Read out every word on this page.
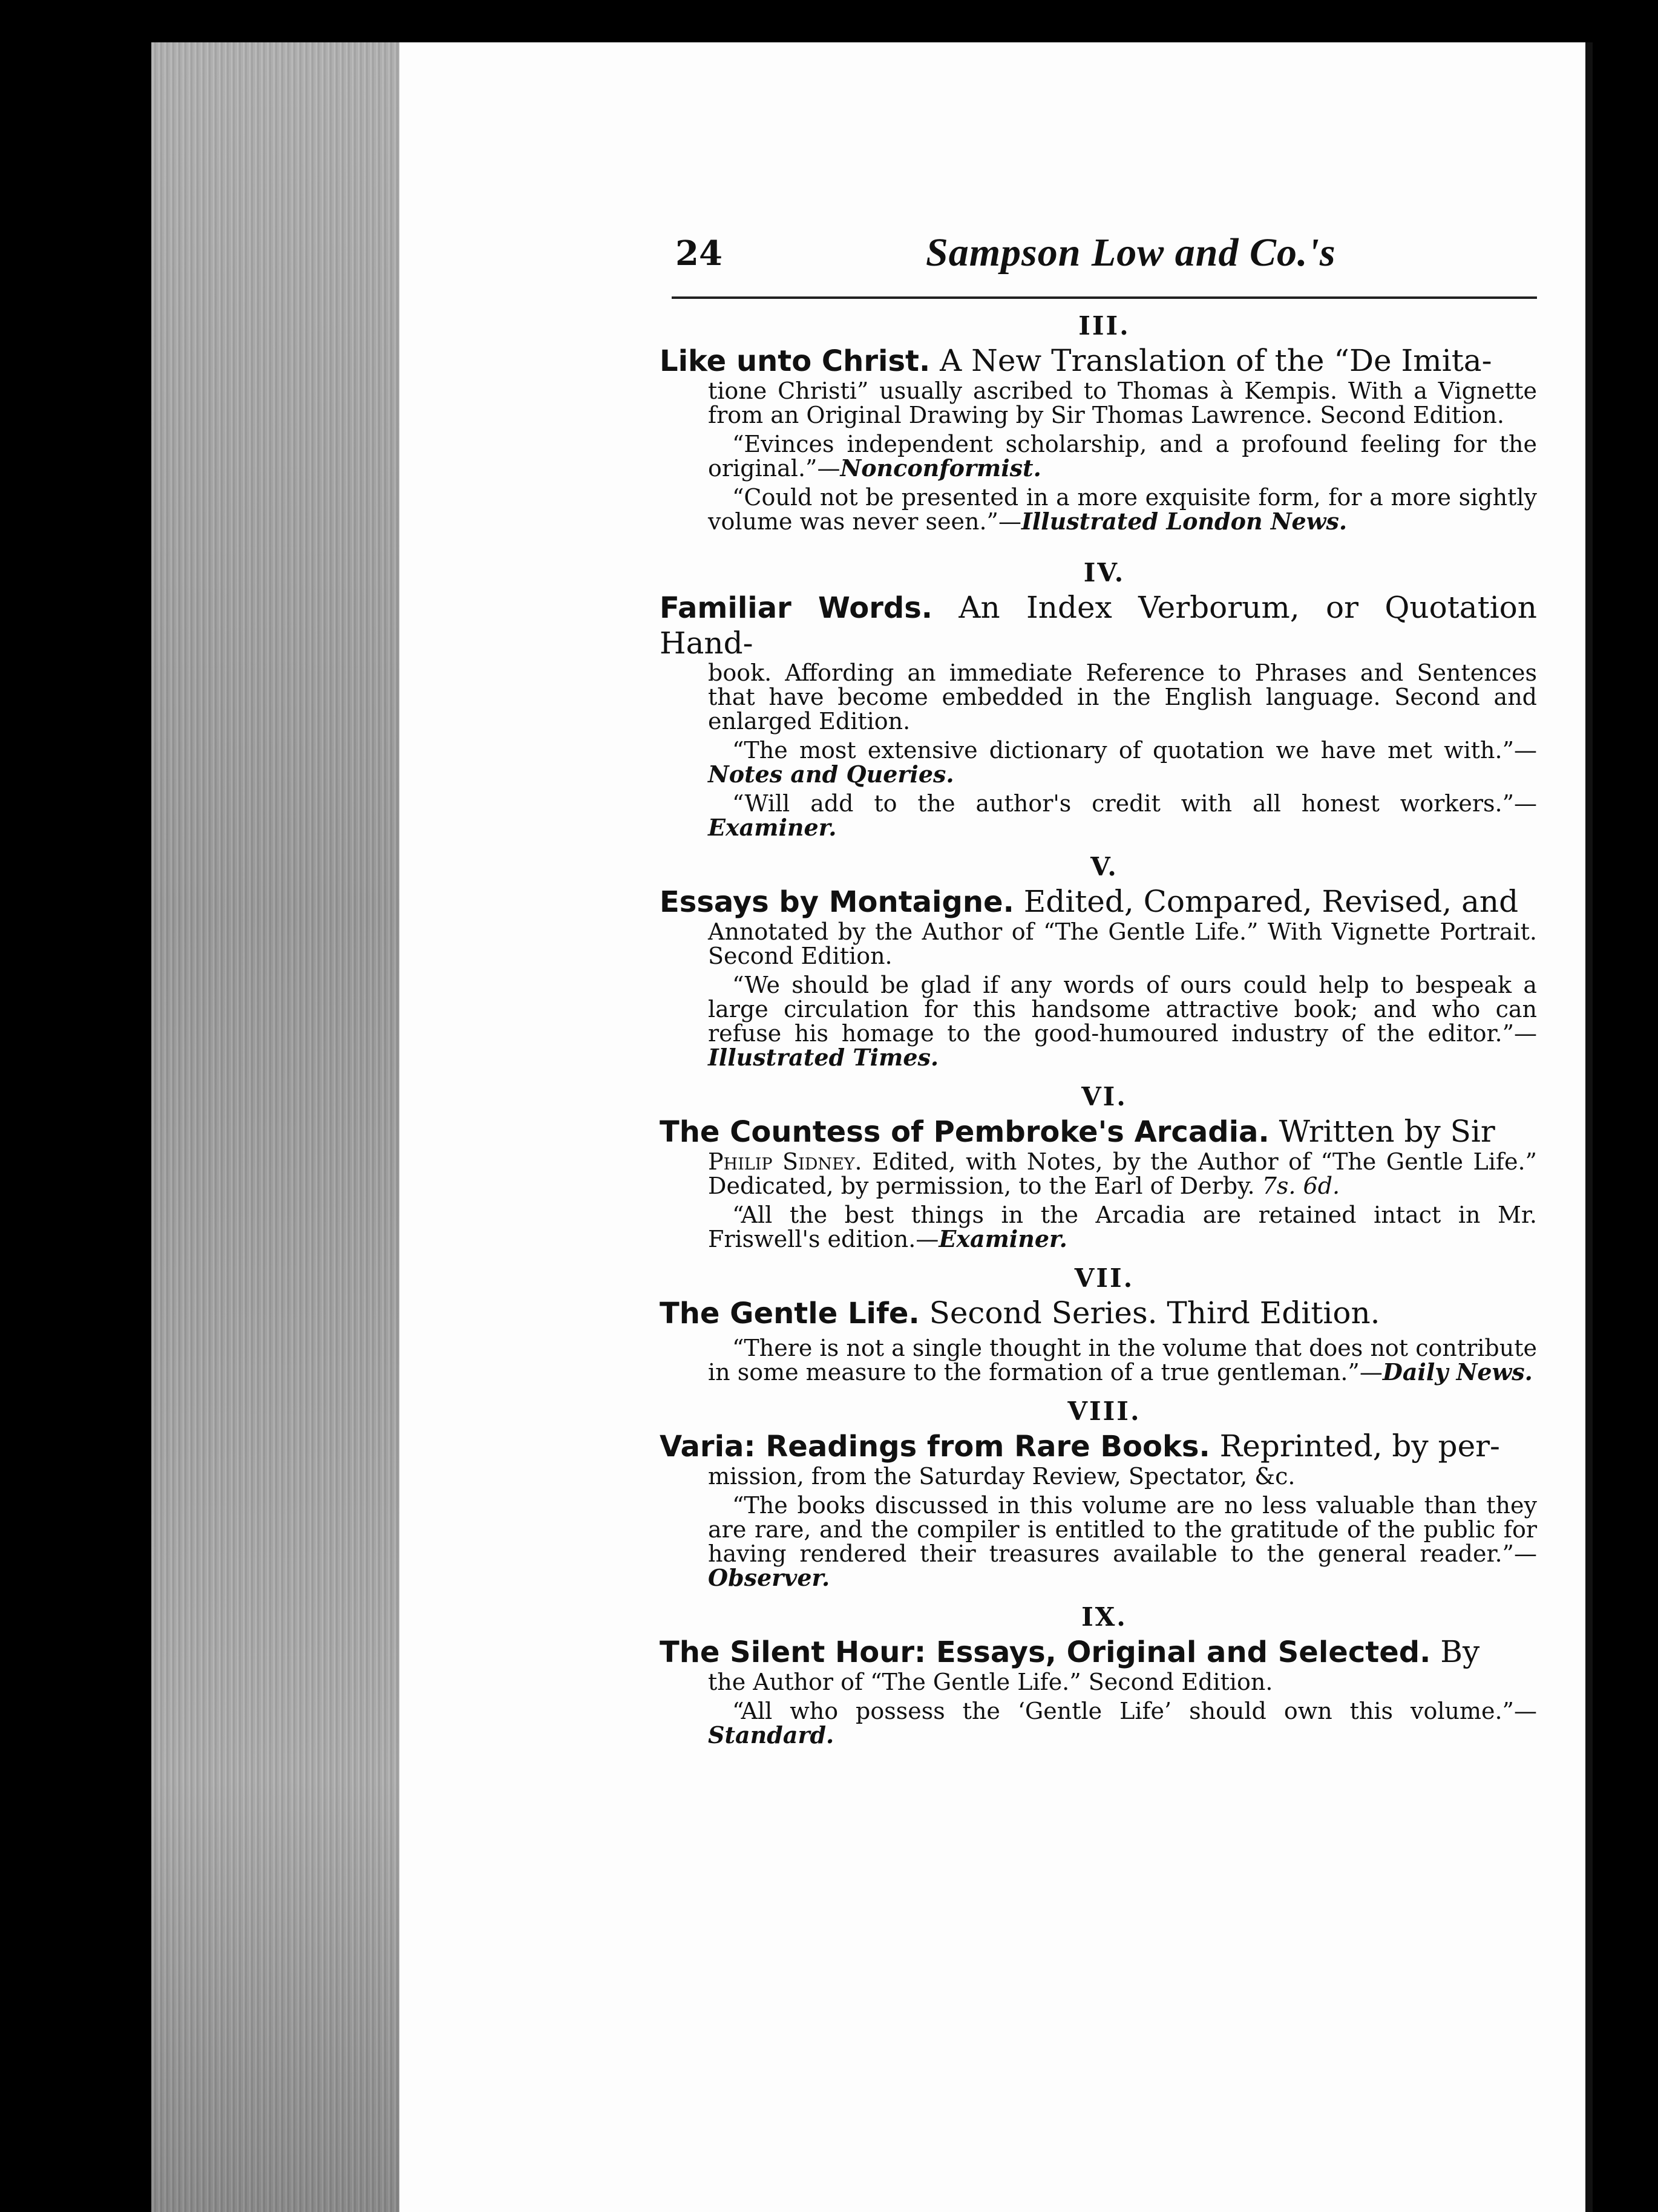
24	Sampson Low and Co.'s
III.
Like unto Christ. A New Translation of the “De Imita-
tione Christi” usually ascribed to Thomas à Kempis. With a Vignette from an Original Drawing by Sir Thomas Lawrence. Second Edition.
“Evinces independent scholarship, and a profound feeling for the original.”—Nonconformist.
“Could not be presented in a more exquisite form, for a more sightly volume was never seen.”—Illustrated London News.
IV.
Familiar Words. An Index Verborum, or Quotation Hand-
book. Affording an immediate Reference to Phrases and Sentences that have become embedded in the English language. Second and enlarged Edition.
“The most extensive dictionary of quotation we have met with.”—Notes and Queries.
“Will add to the author's credit with all honest workers.”—Examiner.
V.
Essays by Montaigne. Edited, Compared, Revised, and
Annotated by the Author of “The Gentle Life.” With Vignette Portrait. Second Edition.
“We should be glad if any words of ours could help to bespeak a large circulation for this handsome attractive book; and who can refuse his homage to the good-humoured industry of the editor.”—Illustrated Times.
VI.
The Countess of Pembroke's Arcadia. Written by Sir
Philip Sidney. Edited, with Notes, by the Author of “The Gentle Life.” Dedicated, by permission, to the Earl of Derby. 7s. 6d.
“All the best things in the Arcadia are retained intact in Mr. Friswell's edition.—Examiner.
VII.
The Gentle Life. Second Series. Third Edition.
“There is not a single thought in the volume that does not contribute in some measure to the formation of a true gentleman.”—Daily News.
VIII.
Varia: Readings from Rare Books. Reprinted, by per-
mission, from the Saturday Review, Spectator, &c.
“The books discussed in this volume are no less valuable than they are rare, and the compiler is entitled to the gratitude of the public for having rendered their treasures available to the general reader.”—Observer.
IX.
The Silent Hour: Essays, Original and Selected. By
the Author of “The Gentle Life.” Second Edition.
“All who possess the ‘Gentle Life’ should own this volume.”—Standard.
